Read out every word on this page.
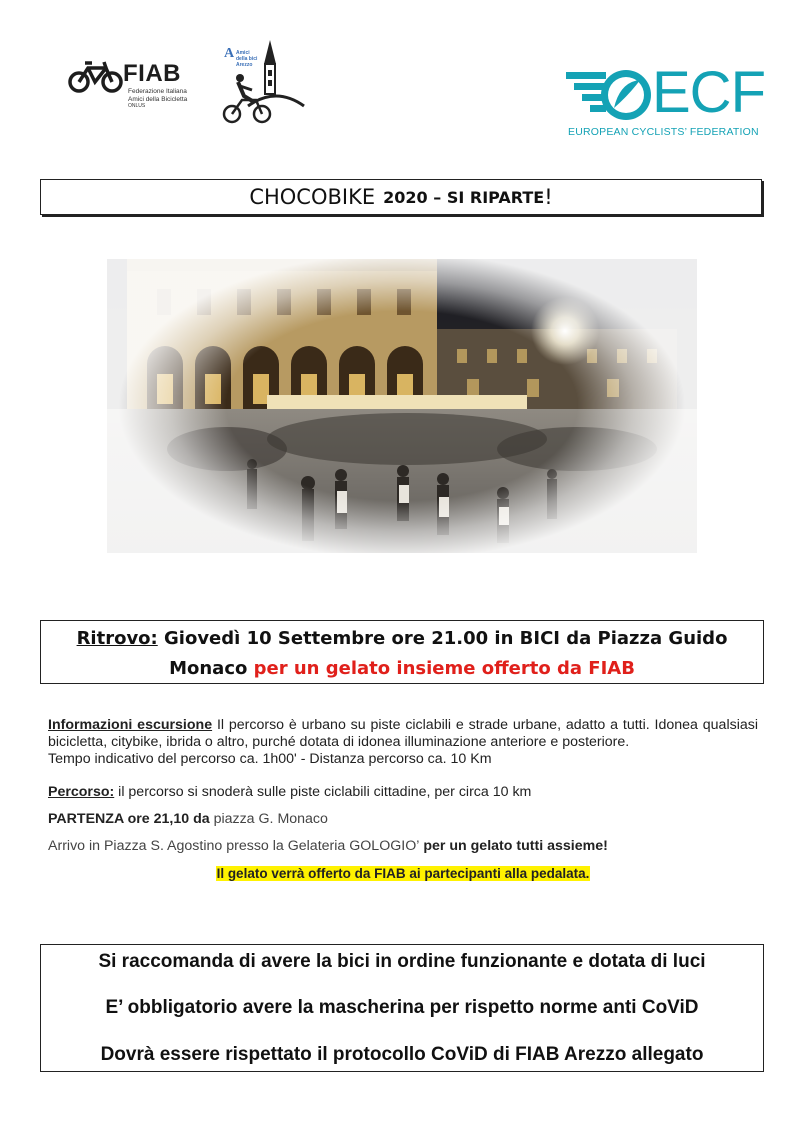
FIAB
Federazione Italiana
Amici della Bicicletta
ONLUS
A Amici
della bici
Arezzo	ECF
EUROPEAN CYCLISTS’ FEDERATION
CHOCOBIKE 2020 – SI RIPARTE !
Ritrovo: Giovedì 10 Settembre ore 21.00 in BICI da Piazza Guido
Monaco per un gelato insieme offerto da FIAB

Informazioni escursione Il percorso è urbano su piste ciclabili e strade urbane, adatto a tutti. Idonea qualsiasi bicicletta, citybike, ibrida o altro, purché dotata di idonea illuminazione anteriore e posteriore.

Tempo indicativo del percorso ca. 1h00' - Distanza percorso ca. 10 Km

Percorso: il percorso si snoderà sulle piste ciclabili cittadine, per circa 10 km

PARTENZA ore 21,10 da piazza G. Monaco

Arrivo in Piazza S. Agostino presso la Gelateria GOLOGIO’ per un gelato tutti assieme!

Il gelato verrà offerto da FIAB ai partecipanti alla pedalata.

Si raccomanda di avere la bici in ordine funzionante e dotata di luci

E’ obbligatorio avere la mascherina per rispetto norme anti CoViD

Dovrà essere rispettato il protocollo CoViD di FIAB Arezzo allegato
